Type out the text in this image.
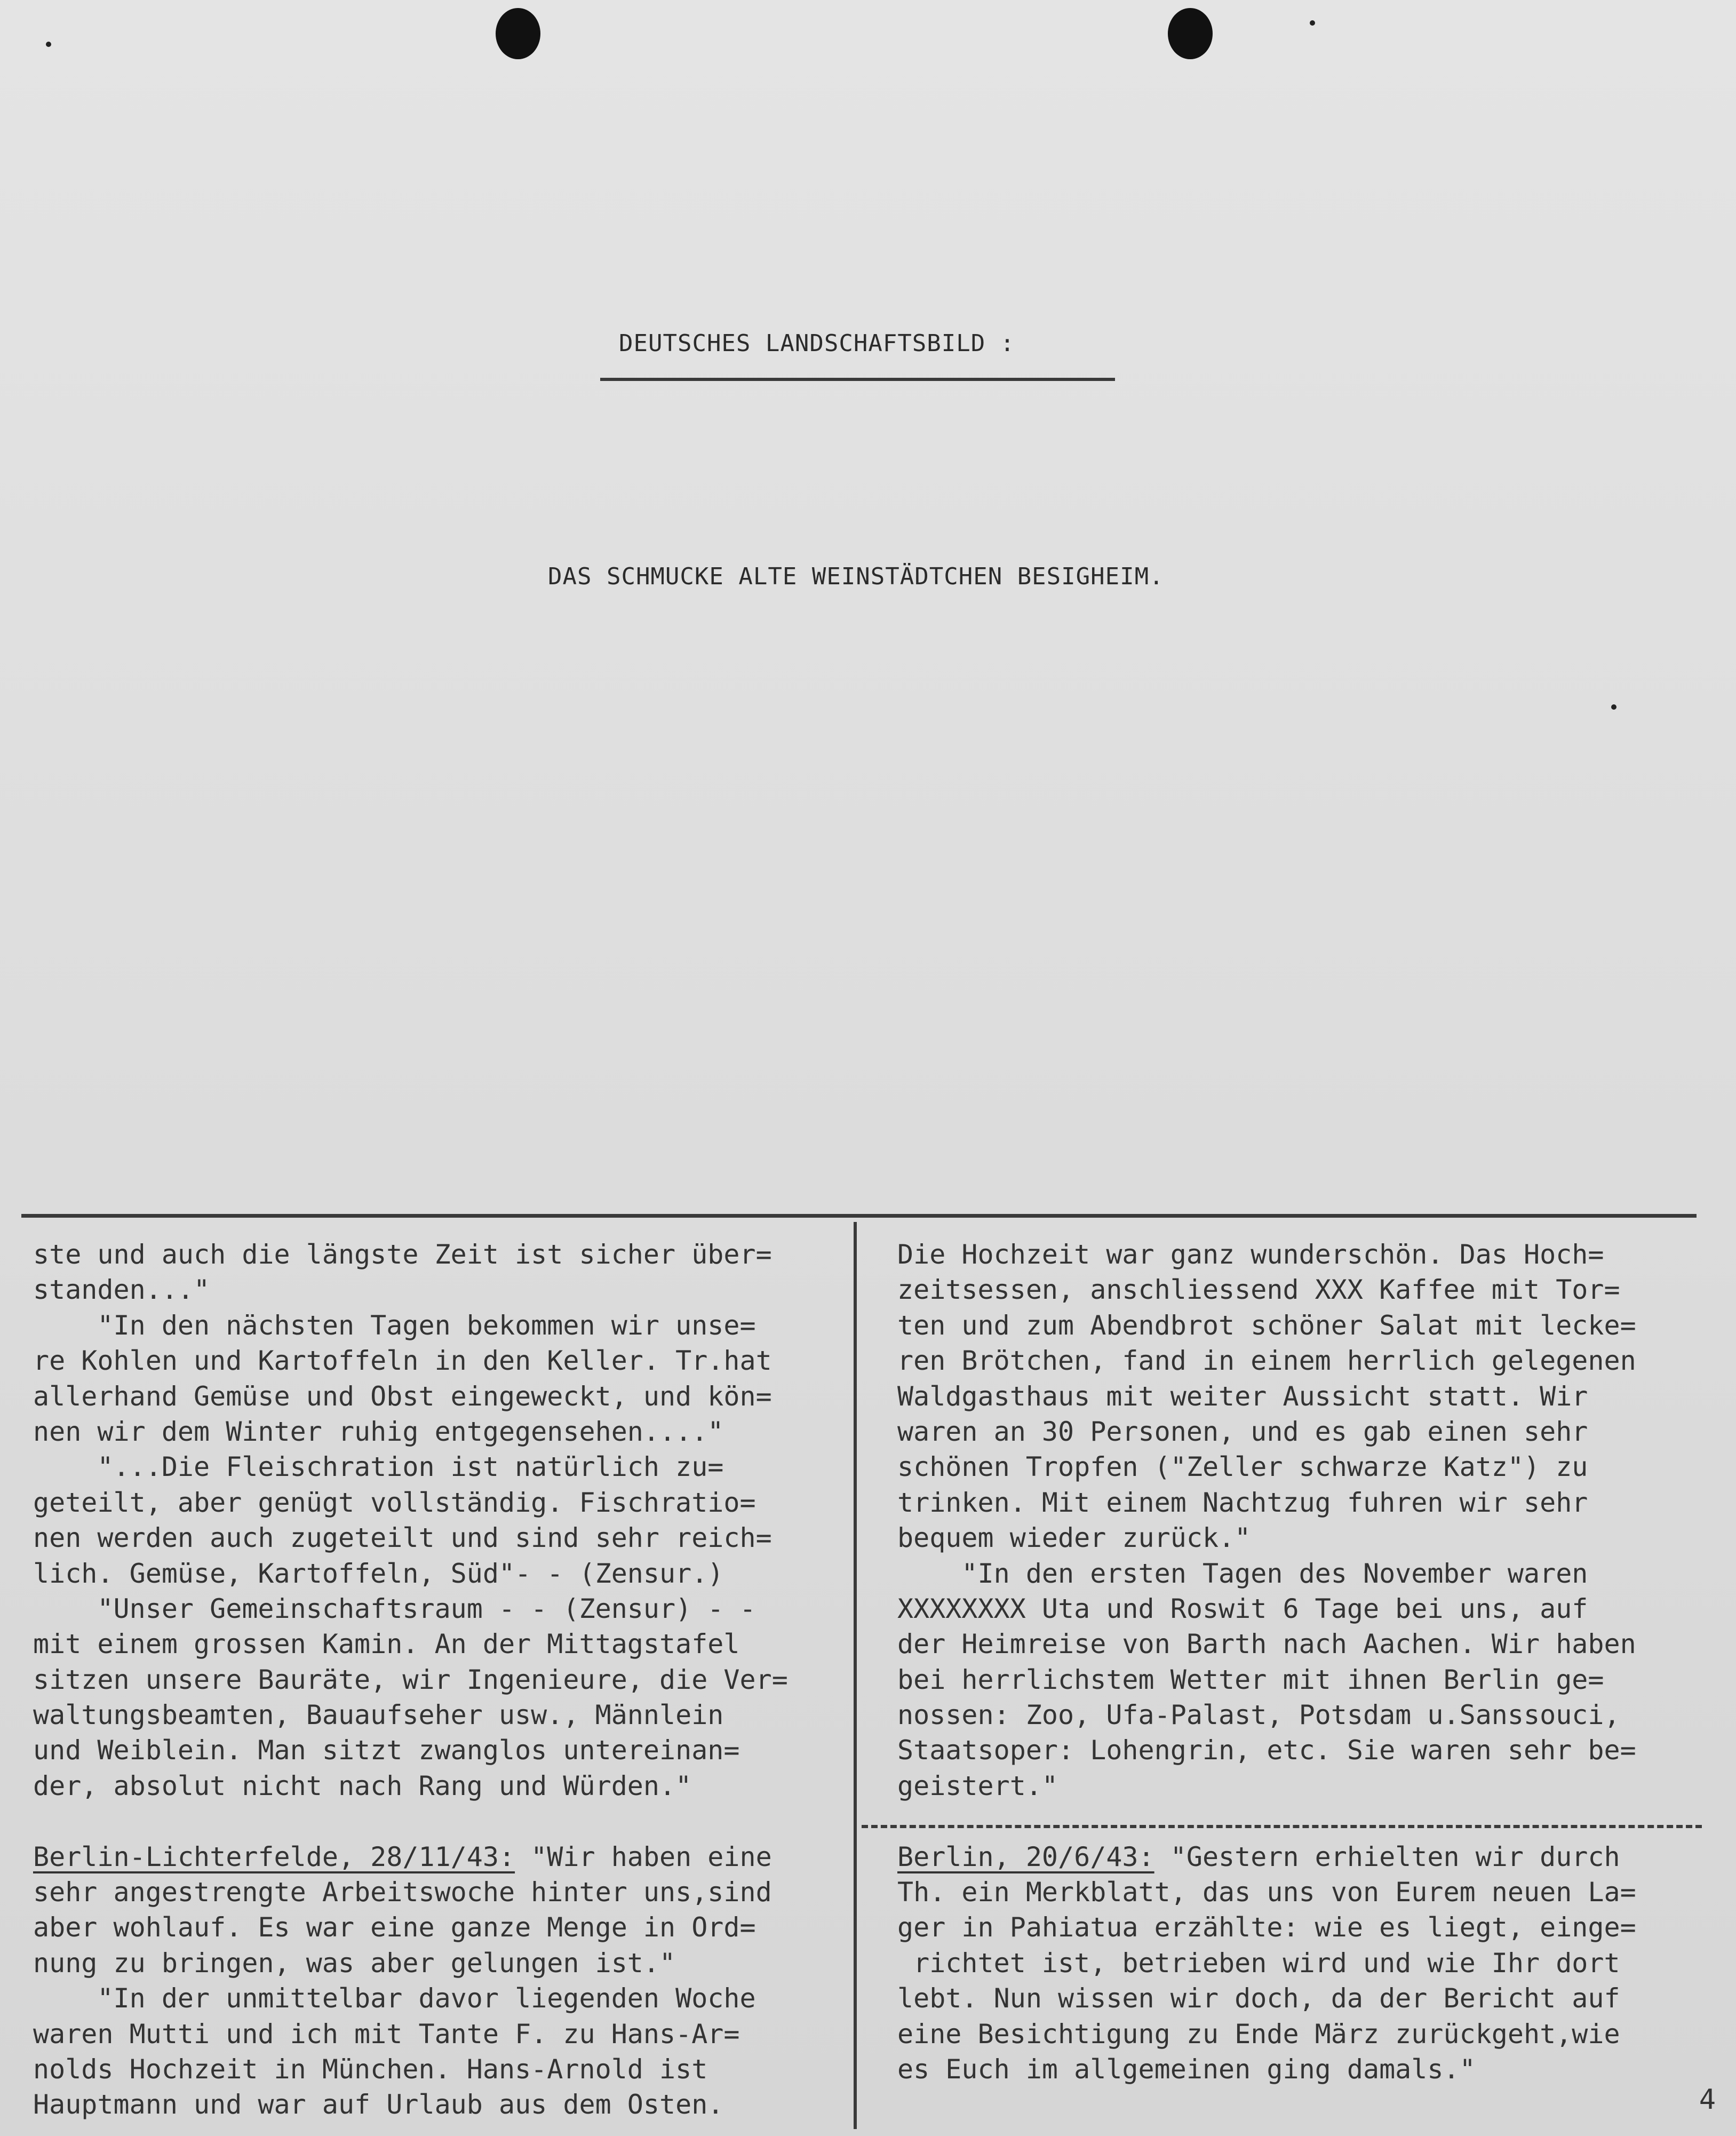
DEUTSCHES LANDSCHAFTSBILD :
DAS SCHMUCKE ALTE WEINSTÄDTCHEN BESIGHEIM.
ste und auch die längste Zeit ist sicher über=
standen..."
"In den nächsten Tagen bekommen wir unse=
re Kohlen und Kartoffeln in den Keller. Tr.hat
allerhand Gemüse und Obst eingeweckt, und kön=
nen wir dem Winter ruhig entgegensehen...."
"...Die Fleischration ist natürlich zu=
geteilt, aber genügt vollständig. Fischratio=
nen werden auch zugeteilt und sind sehr reich=
lich. Gemüse, Kartoffeln, Süd"- - (Zensur.)
"Unser Gemeinschaftsraum - - (Zensur) - -
mit einem grossen Kamin. An der Mittagstafel
sitzen unsere Bauräte, wir Ingenieure, die Ver=
waltungsbeamten, Bauaufseher usw., Männlein
und Weiblein. Man sitzt zwanglos untereinan=
der, absolut nicht nach Rang und Würden."
Berlin-Lichterfelde, 28/11/43: "Wir haben eine
sehr angestrengte Arbeitswoche hinter uns,sind
aber wohlauf. Es war eine ganze Menge in Ord=
nung zu bringen, was aber gelungen ist."
"In der unmittelbar davor liegenden Woche
waren Mutti und ich mit Tante F. zu Hans-Ar=
nolds Hochzeit in München. Hans-Arnold ist
Hauptmann und war auf Urlaub aus dem Osten.
Die Hochzeit war ganz wunderschön. Das Hoch=
zeitsessen, anschliessend XXX Kaffee mit Tor=
ten und zum Abendbrot schöner Salat mit lecke=
ren Brötchen, fand in einem herrlich gelegenen
Waldgasthaus mit weiter Aussicht statt. Wir
waren an 30 Personen, und es gab einen sehr
schönen Tropfen ("Zeller schwarze Katz") zu
trinken. Mit einem Nachtzug fuhren wir sehr
bequem wieder zurück."
"In den ersten Tagen des November waren
XXXXXXXX Uta und Roswit 6 Tage bei uns, auf
der Heimreise von Barth nach Aachen. Wir haben
bei herrlichstem Wetter mit ihnen Berlin ge=
nossen: Zoo, Ufa-Palast, Potsdam u.Sanssouci,
Staatsoper: Lohengrin, etc. Sie waren sehr be=
geistert."
Berlin, 20/6/43: "Gestern erhielten wir durch
Th. ein Merkblatt, das uns von Eurem neuen La=
ger in Pahiatua erzählte: wie es liegt, einge=
richtet ist, betrieben wird und wie Ihr dort
lebt. Nun wissen wir doch, da der Bericht auf
eine Besichtigung zu Ende März zurückgeht,wie
es Euch im allgemeinen ging damals."
4
